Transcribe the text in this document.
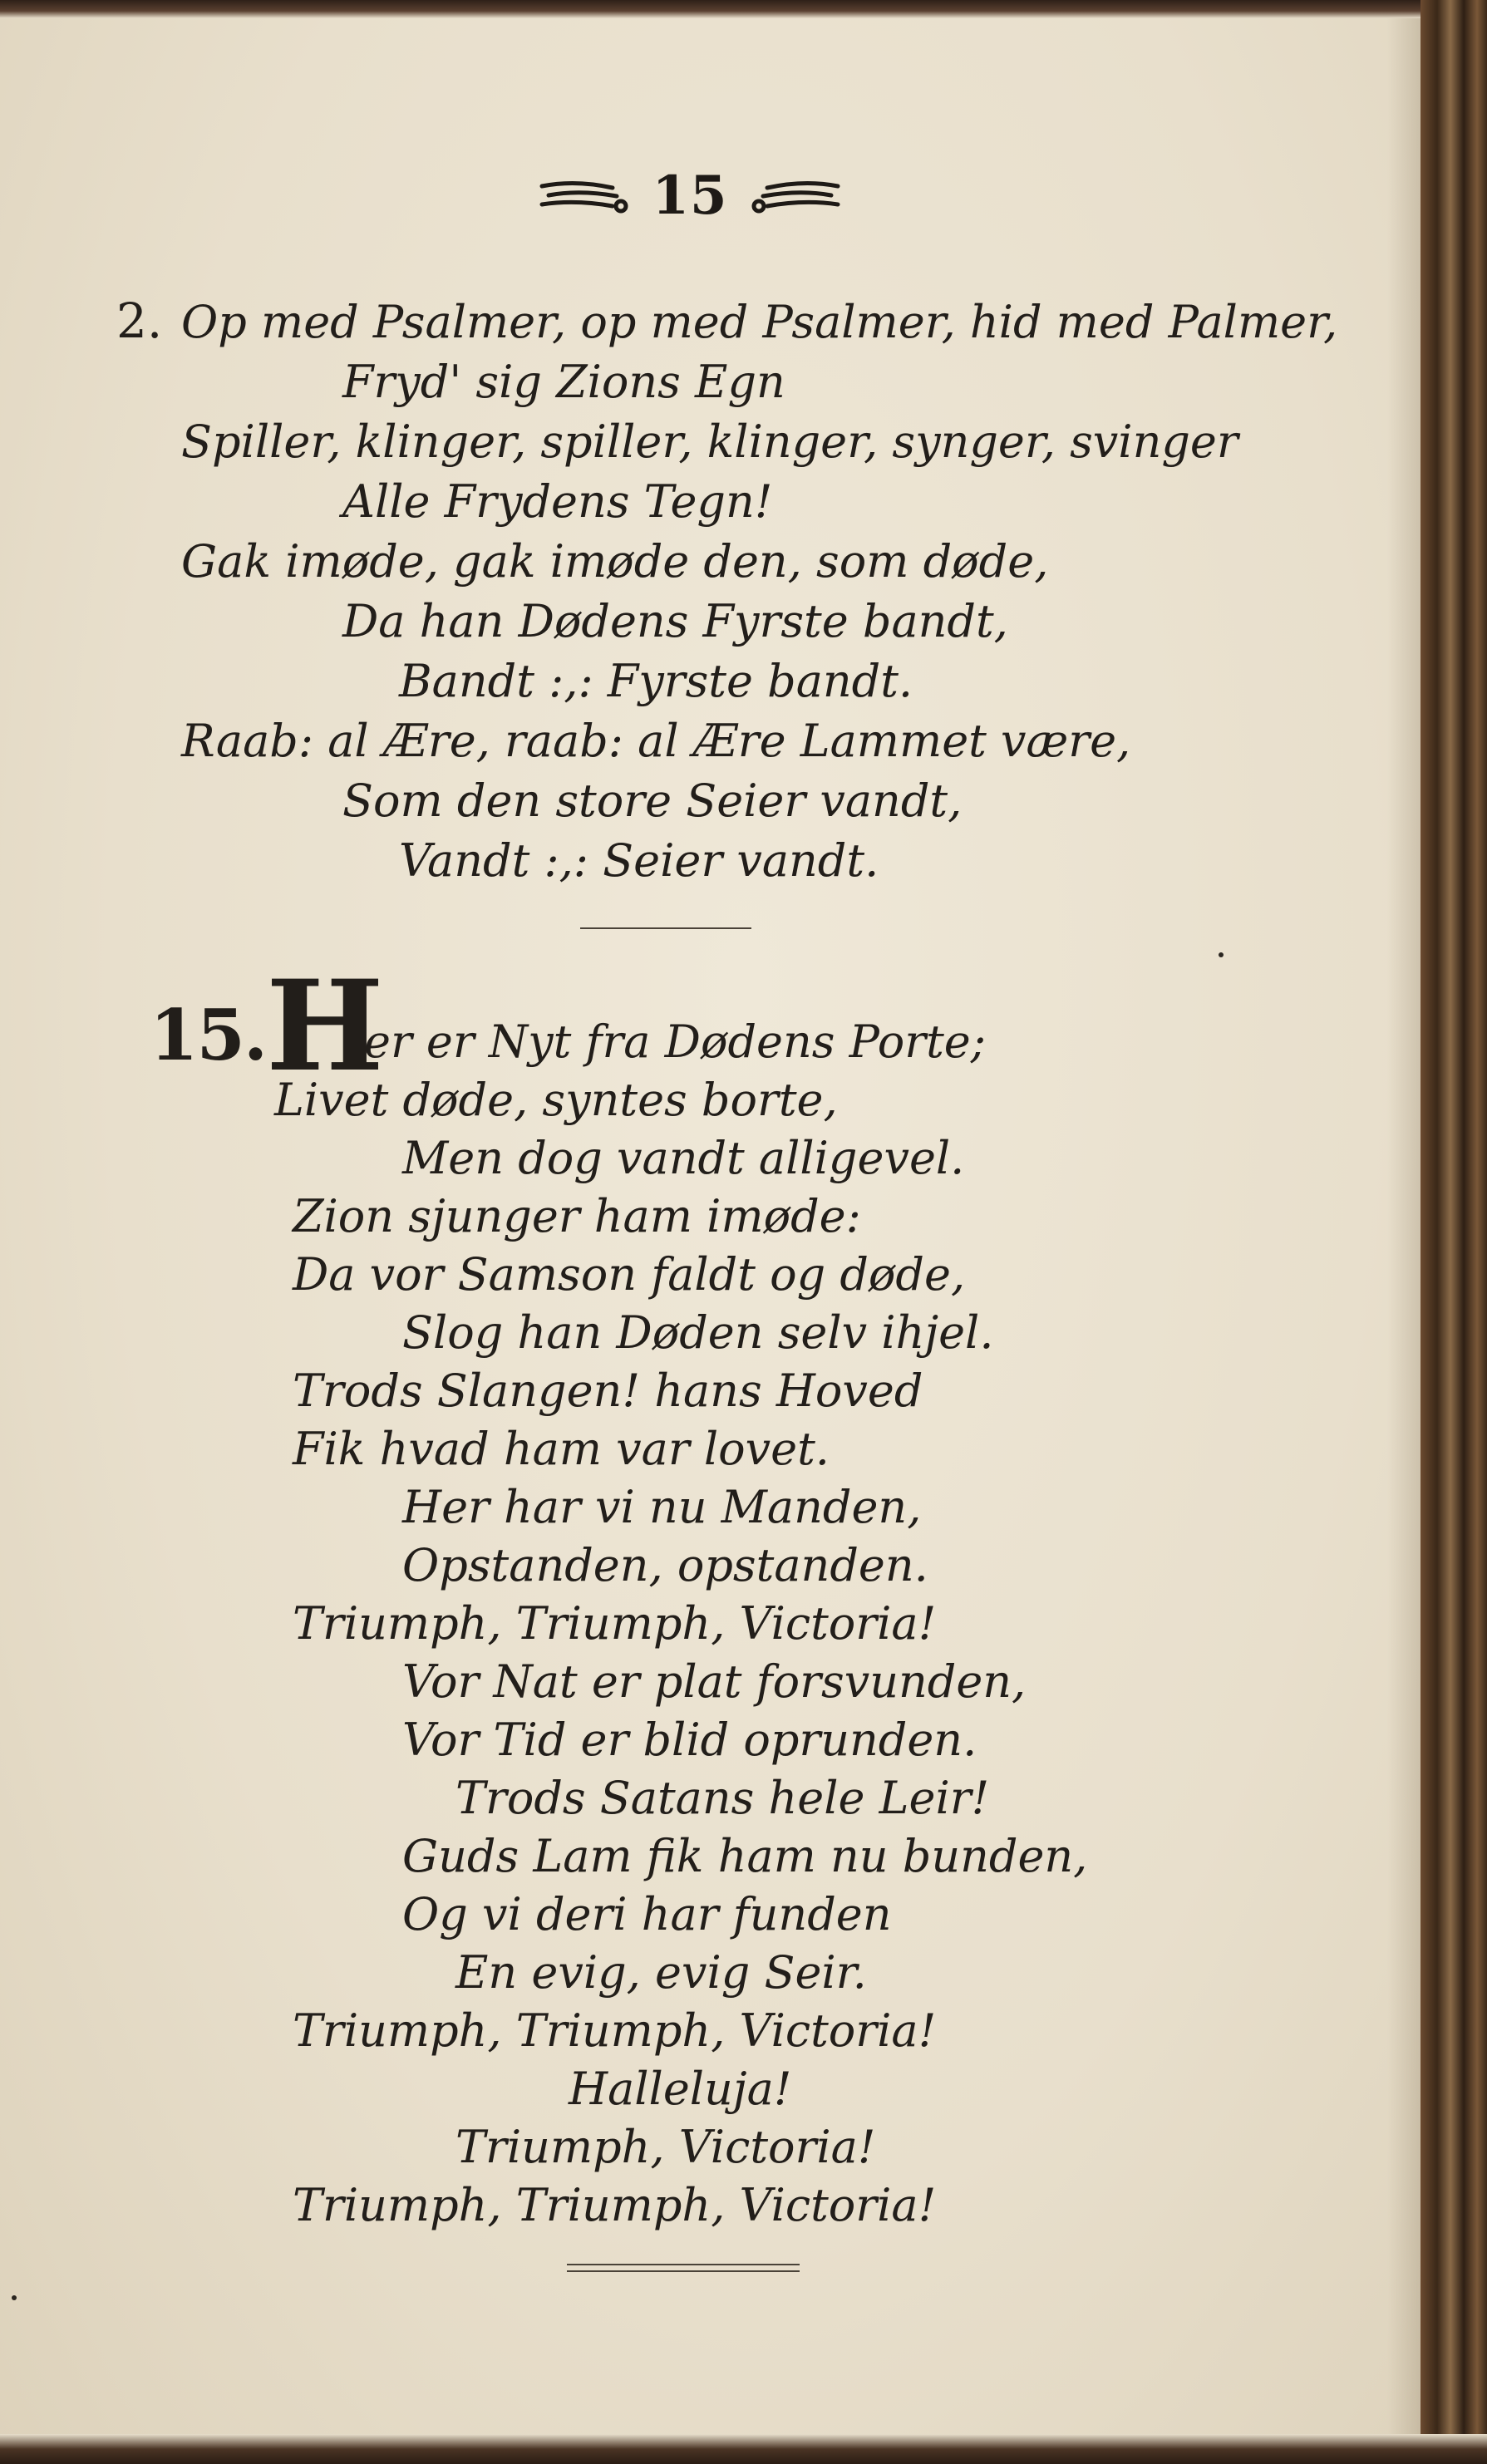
15
2. Op med Psalmer, op med Psalmer, hid med Palmer,
Fryd' sig Zions Egn
Spiller, klinger, spiller, klinger, synger, svinger
Alle Frydens Tegn!
Gak imøde, gak imøde den, som døde,
Da han Dødens Fyrste bandt,
Bandt :,: Fyrste bandt.
Raab: al Ære, raab: al Ære Lammet være,
Som den store Seier vandt,
Vandt :,: Seier vandt.
15. H
er er Nyt fra Dødens Porte;
Livet døde, syntes borte,
Men dog vandt alligevel.
Zion sjunger ham imøde:
Da vor Samson faldt og døde,
Slog han Døden selv ihjel.
Trods Slangen! hans Hoved
Fik hvad ham var lovet.
Her har vi nu Manden,
Opstanden, opstanden.
Triumph, Triumph, Victoria!
Vor Nat er plat forsvunden,
Vor Tid er blid oprunden.
Trods Satans hele Leir!
Guds Lam fik ham nu bunden,
Og vi deri har funden
En evig, evig Seir.
Triumph, Triumph, Victoria!
Halleluja!
Triumph, Victoria!
Triumph, Triumph, Victoria!
